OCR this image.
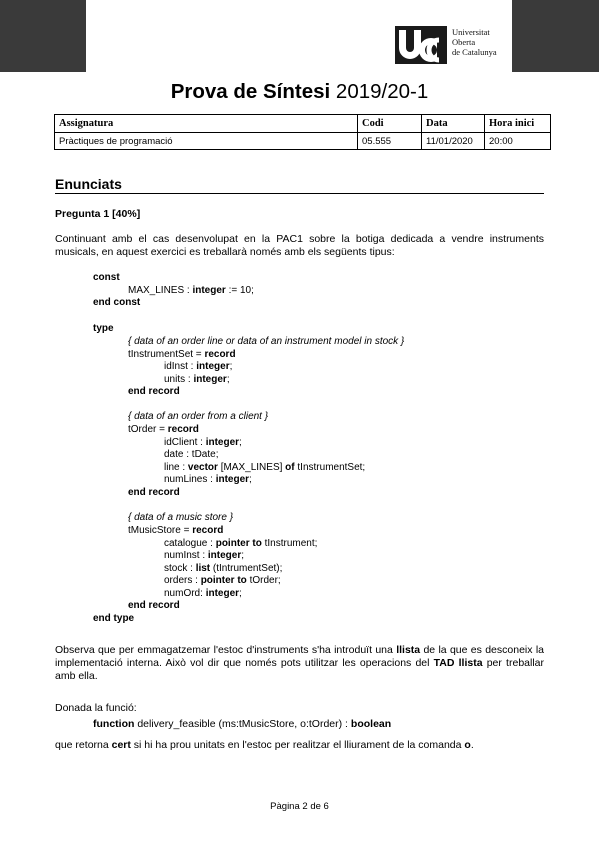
Universitat
Oberta
de Catalunya
Prova de Síntesi 2019/20-1
Assignatura	Codi	Data	Hora inici
Pràctiques de programació	05.555	11/01/2020	20:00
Enunciats
Pregunta 1 [40%]
Continuant amb el cas desenvolupat en la PAC1 sobre la botiga dedicada a vendre instruments musicals, en aquest exercici es treballarà només amb els següents tipus:
const
MAX_LINES : integer := 10;
end const
type
{ data of an order line or data of an instrument model in stock }
tInstrumentSet = record
idInst : integer;
units : integer;
end record
{ data of an order from a client }
tOrder = record
idClient : integer;
date : tDate;
line : vector [MAX_LINES] of tInstrumentSet;
numLines : integer;
end record
{ data of a music store }
tMusicStore = record
catalogue : pointer to tInstrument;
numInst : integer;
stock : list (tIntrumentSet);
orders : pointer to tOrder;
numOrd: integer;
end record
end type
Observa que per emmagatzemar l'estoc d'instruments s'ha introduït una llista de la que es desconeix la implementació interna. Això vol dir que només pots utilitzar les operacions del TAD llista per treballar amb ella.
Donada la funció:
function delivery_feasible (ms:tMusicStore, o:tOrder) : boolean
que retorna cert si hi ha prou unitats en l'estoc per realitzar el lliurament de la comanda o.
Pàgina 2 de 6
